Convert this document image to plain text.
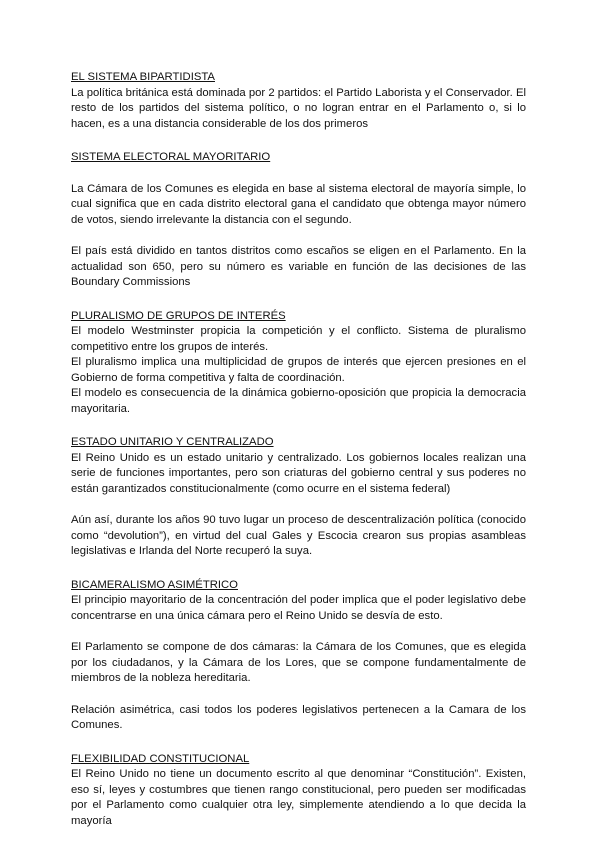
EL SISTEMA BIPARTIDISTA

La política británica está dominada por 2 partidos: el Partido Laborista y el Conservador. El resto de los partidos del sistema político, o no logran entrar en el Parlamento o, si lo hacen, es a una distancia considerable de los dos primeros

SISTEMA ELECTORAL MAYORITARIO

La Cámara de los Comunes es elegida en base al sistema electoral de mayoría simple, lo cual significa que en cada distrito electoral gana el candidato que obtenga mayor número de votos, siendo irrelevante la distancia con el segundo.

El país está dividido en tantos distritos como escaños se eligen en el Parlamento. En la actualidad son 650, pero su número es variable en función de las decisiones de las Boundary Commissions

PLURALISMO DE GRUPOS DE INTERÉS

El modelo Westminster propicia la competición y el conflicto. Sistema de pluralismo competitivo entre los grupos de interés.

El pluralismo implica una multiplicidad de grupos de interés que ejercen presiones en el Gobierno de forma competitiva y falta de coordinación.

El modelo es consecuencia de la dinámica gobierno-oposición que propicia la democracia mayoritaria.

ESTADO UNITARIO Y CENTRALIZADO

El Reino Unido es un estado unitario y centralizado. Los gobiernos locales realizan una serie de funciones importantes, pero son criaturas del gobierno central y sus poderes no están garantizados constitucionalmente (como ocurre en el sistema federal)

Aún así, durante los años 90 tuvo lugar un proceso de descentralización política (conocido como “devolution”), en virtud del cual Gales y Escocia crearon sus propias asambleas legislativas e Irlanda del Norte recuperó la suya.

BICAMERALISMO ASIMÉTRICO

El principio mayoritario de la concentración del poder implica que el poder legislativo debe concentrarse en una única cámara pero el Reino Unido se desvía de esto.

El Parlamento se compone de dos cámaras: la Cámara de los Comunes, que es elegida por los ciudadanos, y la Cámara de los Lores, que se compone fundamentalmente de miembros de la nobleza hereditaria.

Relación asimétrica, casi todos los poderes legislativos pertenecen a la Camara de los Comunes.

FLEXIBILIDAD CONSTITUCIONAL

El Reino Unido no tiene un documento escrito al que denominar “Constitución”. Existen, eso sí, leyes y costumbres que tienen rango constitucional, pero pueden ser modificadas por el Parlamento como cualquier otra ley, simplemente atendiendo a lo que decida la mayoría
